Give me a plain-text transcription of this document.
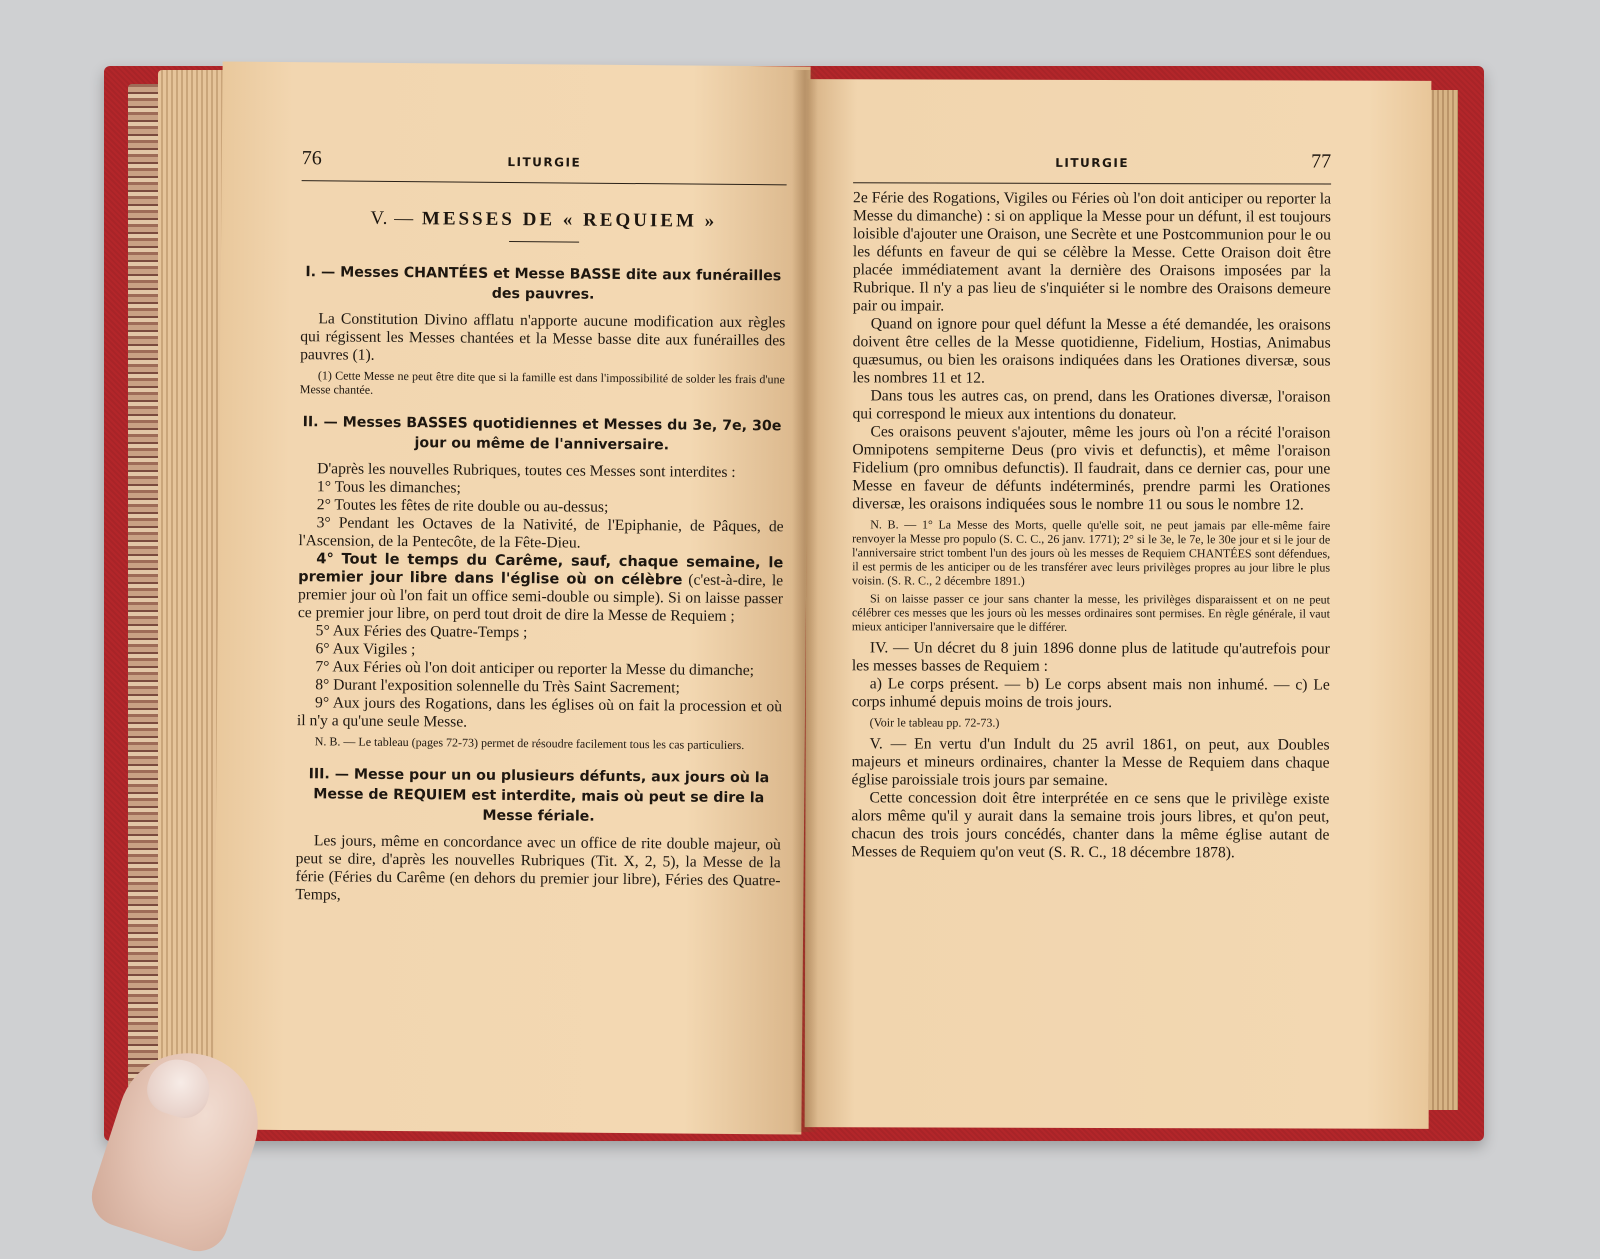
76	LITURGIE
V. — MESSES DE « REQUIEM »

I. — Messes CHANTÉES et Messe BASSE dite aux funérailles des pauvres.

La Constitution Divino afflatu n'apporte aucune modification aux règles qui régissent les Messes chantées et la Messe basse dite aux funérailles des pauvres (1).

(1) Cette Messe ne peut être dite que si la famille est dans l'impossibilité de solder les frais d'une Messe chantée.

II. — Messes BASSES quotidiennes et Messes du 3e, 7e, 30e jour ou même de l'anniversaire.

D'après les nouvelles Rubriques, toutes ces Messes sont interdites :

1° Tous les dimanches;

2° Toutes les fêtes de rite double ou au-dessus;

3° Pendant les Octaves de la Nativité, de l'Epiphanie, de Pâques, de l'Ascension, de la Pentecôte, de la Fête-Dieu.

4° Tout le temps du Carême, sauf, chaque semaine, le premier jour libre dans l'église où on célèbre (c'est-à-dire, le premier jour où l'on fait un office semi-double ou simple). Si on laisse passer ce premier jour libre, on perd tout droit de dire la Messe de Requiem ;

5° Aux Féries des Quatre-Temps ;

6° Aux Vigiles ;

7° Aux Féries où l'on doit anticiper ou reporter la Messe du dimanche;

8° Durant l'exposition solennelle du Très Saint Sacrement;

9° Aux jours des Rogations, dans les églises où on fait la procession et où il n'y a qu'une seule Messe.

N. B. — Le tableau (pages 72-73) permet de résoudre facilement tous les cas particuliers.

III. — Messe pour un ou plusieurs défunts, aux jours où la Messe de REQUIEM est interdite, mais où peut se dire la Messe fériale.

Les jours, même en concordance avec un office de rite double majeur, où peut se dire, d'après les nouvelles Rubriques (Tit. X, 2, 5), la Messe de la férie (Féries du Carême (en dehors du premier jour libre), Féries des Quatre-Temps,

LITURGIE	77

2e Férie des Rogations, Vigiles ou Féries où l'on doit anticiper ou reporter la Messe du dimanche) : si on applique la Messe pour un défunt, il est toujours loisible d'ajouter une Oraison, une Secrète et une Postcommunion pour le ou les défunts en faveur de qui se célèbre la Messe. Cette Oraison doit être placée immédiatement avant la dernière des Oraisons imposées par la Rubrique. Il n'y a pas lieu de s'inquiéter si le nombre des Oraisons demeure pair ou impair.

Quand on ignore pour quel défunt la Messe a été demandée, les oraisons doivent être celles de la Messe quotidienne, Fidelium, Hostias, Animabus quæsumus, ou bien les oraisons indiquées dans les Orationes diversæ, sous les nombres 11 et 12.

Dans tous les autres cas, on prend, dans les Orationes diversæ, l'oraison qui correspond le mieux aux intentions du donateur.

Ces oraisons peuvent s'ajouter, même les jours où l'on a récité l'oraison Omnipotens sempiterne Deus (pro vivis et defunctis), et même l'oraison Fidelium (pro omnibus defunctis). Il faudrait, dans ce dernier cas, pour une Messe en faveur de défunts indéterminés, prendre parmi les Orationes diversæ, les oraisons indiquées sous le nombre 11 ou sous le nombre 12.

N. B. — 1° La Messe des Morts, quelle qu'elle soit, ne peut jamais par elle-même faire renvoyer la Messe pro populo (S. C. C., 26 janv. 1771); 2° si le 3e, le 7e, le 30e jour et si le jour de l'anniversaire strict tombent l'un des jours où les messes de Requiem CHANTÉES sont défendues, il est permis de les anticiper ou de les transférer avec leurs privilèges propres au jour libre le plus voisin. (S. R. C., 2 décembre 1891.)

Si on laisse passer ce jour sans chanter la messe, les privilèges disparaissent et on ne peut célébrer ces messes que les jours où les messes ordinaires sont permises. En règle générale, il vaut mieux anticiper l'anniversaire que le différer.

IV. — Un décret du 8 juin 1896 donne plus de latitude qu'autrefois pour les messes basses de Requiem :

a) Le corps présent. — b) Le corps absent mais non inhumé. — c) Le corps inhumé depuis moins de trois jours.

(Voir le tableau pp. 72-73.)

V. — En vertu d'un Indult du 25 avril 1861, on peut, aux Doubles majeurs et mineurs ordinaires, chanter la Messe de Requiem dans chaque église paroissiale trois jours par semaine.

Cette concession doit être interprétée en ce sens que le privilège existe alors même qu'il y aurait dans la semaine trois jours libres, et qu'on peut, chacun des trois jours concédés, chanter dans la même église autant de Messes de Requiem qu'on veut (S. R. C., 18 décembre 1878).
